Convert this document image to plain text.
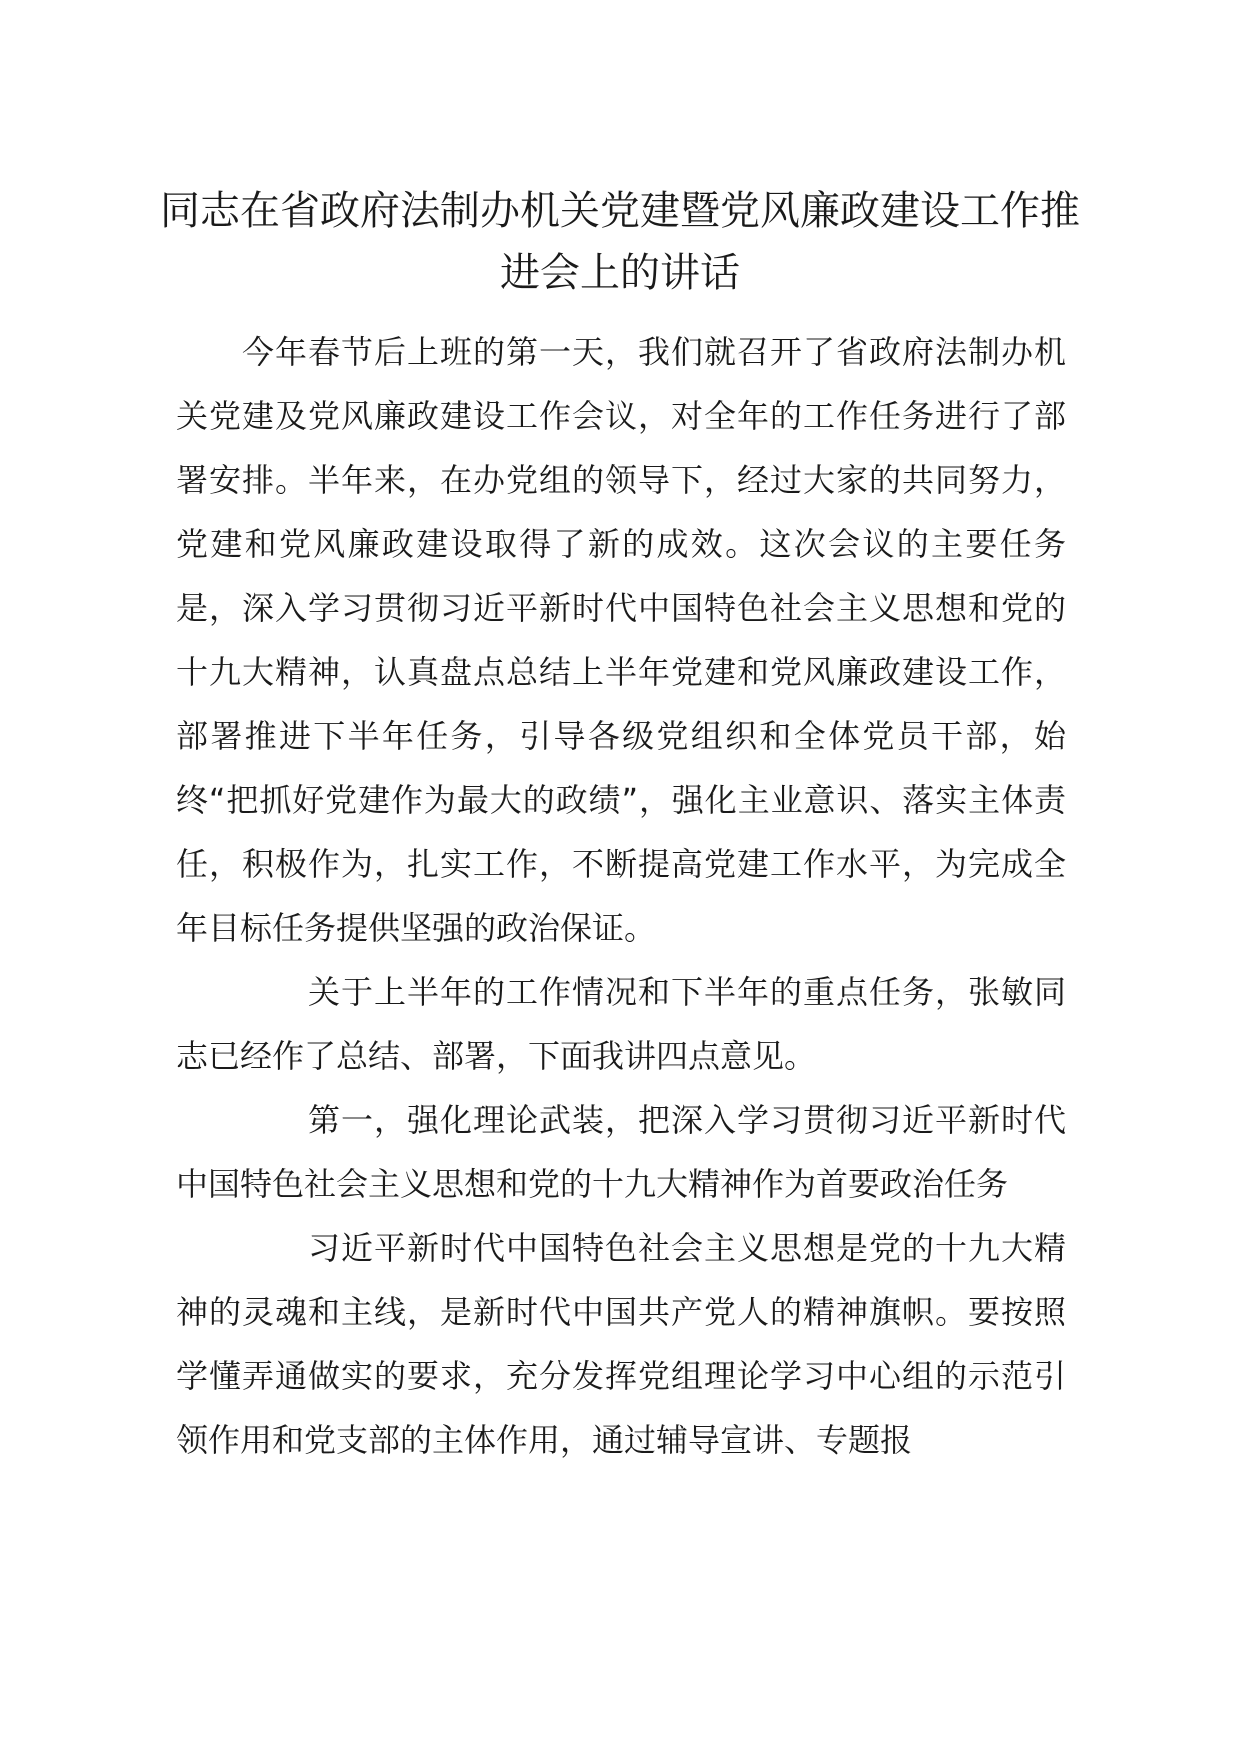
同志在省政府法制办机关党建暨党风廉政建设工作推进会上的讲话

今年春节后上班的第一天，我们就召开了省政府法制办机关党建及党风廉政建设工作会议，对全年的工作任务进行了部署安排。半年来，在办党组的领导下，经过大家的共同努力，党建和党风廉政建设取得了新的成效。这次会议的主要任务是，深入学习贯彻习近平新时代中国特色社会主义思想和党的十九大精神，认真盘点总结上半年党建和党风廉政建设工作，部署推进下半年任务，引导各级党组织和全体党员干部，始终“把抓好党建作为最大的政绩”，强化主业意识、落实主体责任，积极作为，扎实工作，不断提高党建工作水平，为完成全年目标任务提供坚强的政治保证。

关于上半年的工作情况和下半年的重点任务，张敏同志已经作了总结、部署，下面我讲四点意见。

第一，强化理论武装，把深入学习贯彻习近平新时代中国特色社会主义思想和党的十九大精神作为首要政治任务

习近平新时代中国特色社会主义思想是党的十九大精神的灵魂和主线，是新时代中国共产党人的精神旗帜。要按照学懂弄通做实的要求，充分发挥党组理论学习中心组的示范引领作用和党支部的主体作用，通过辅导宣讲、专题报
